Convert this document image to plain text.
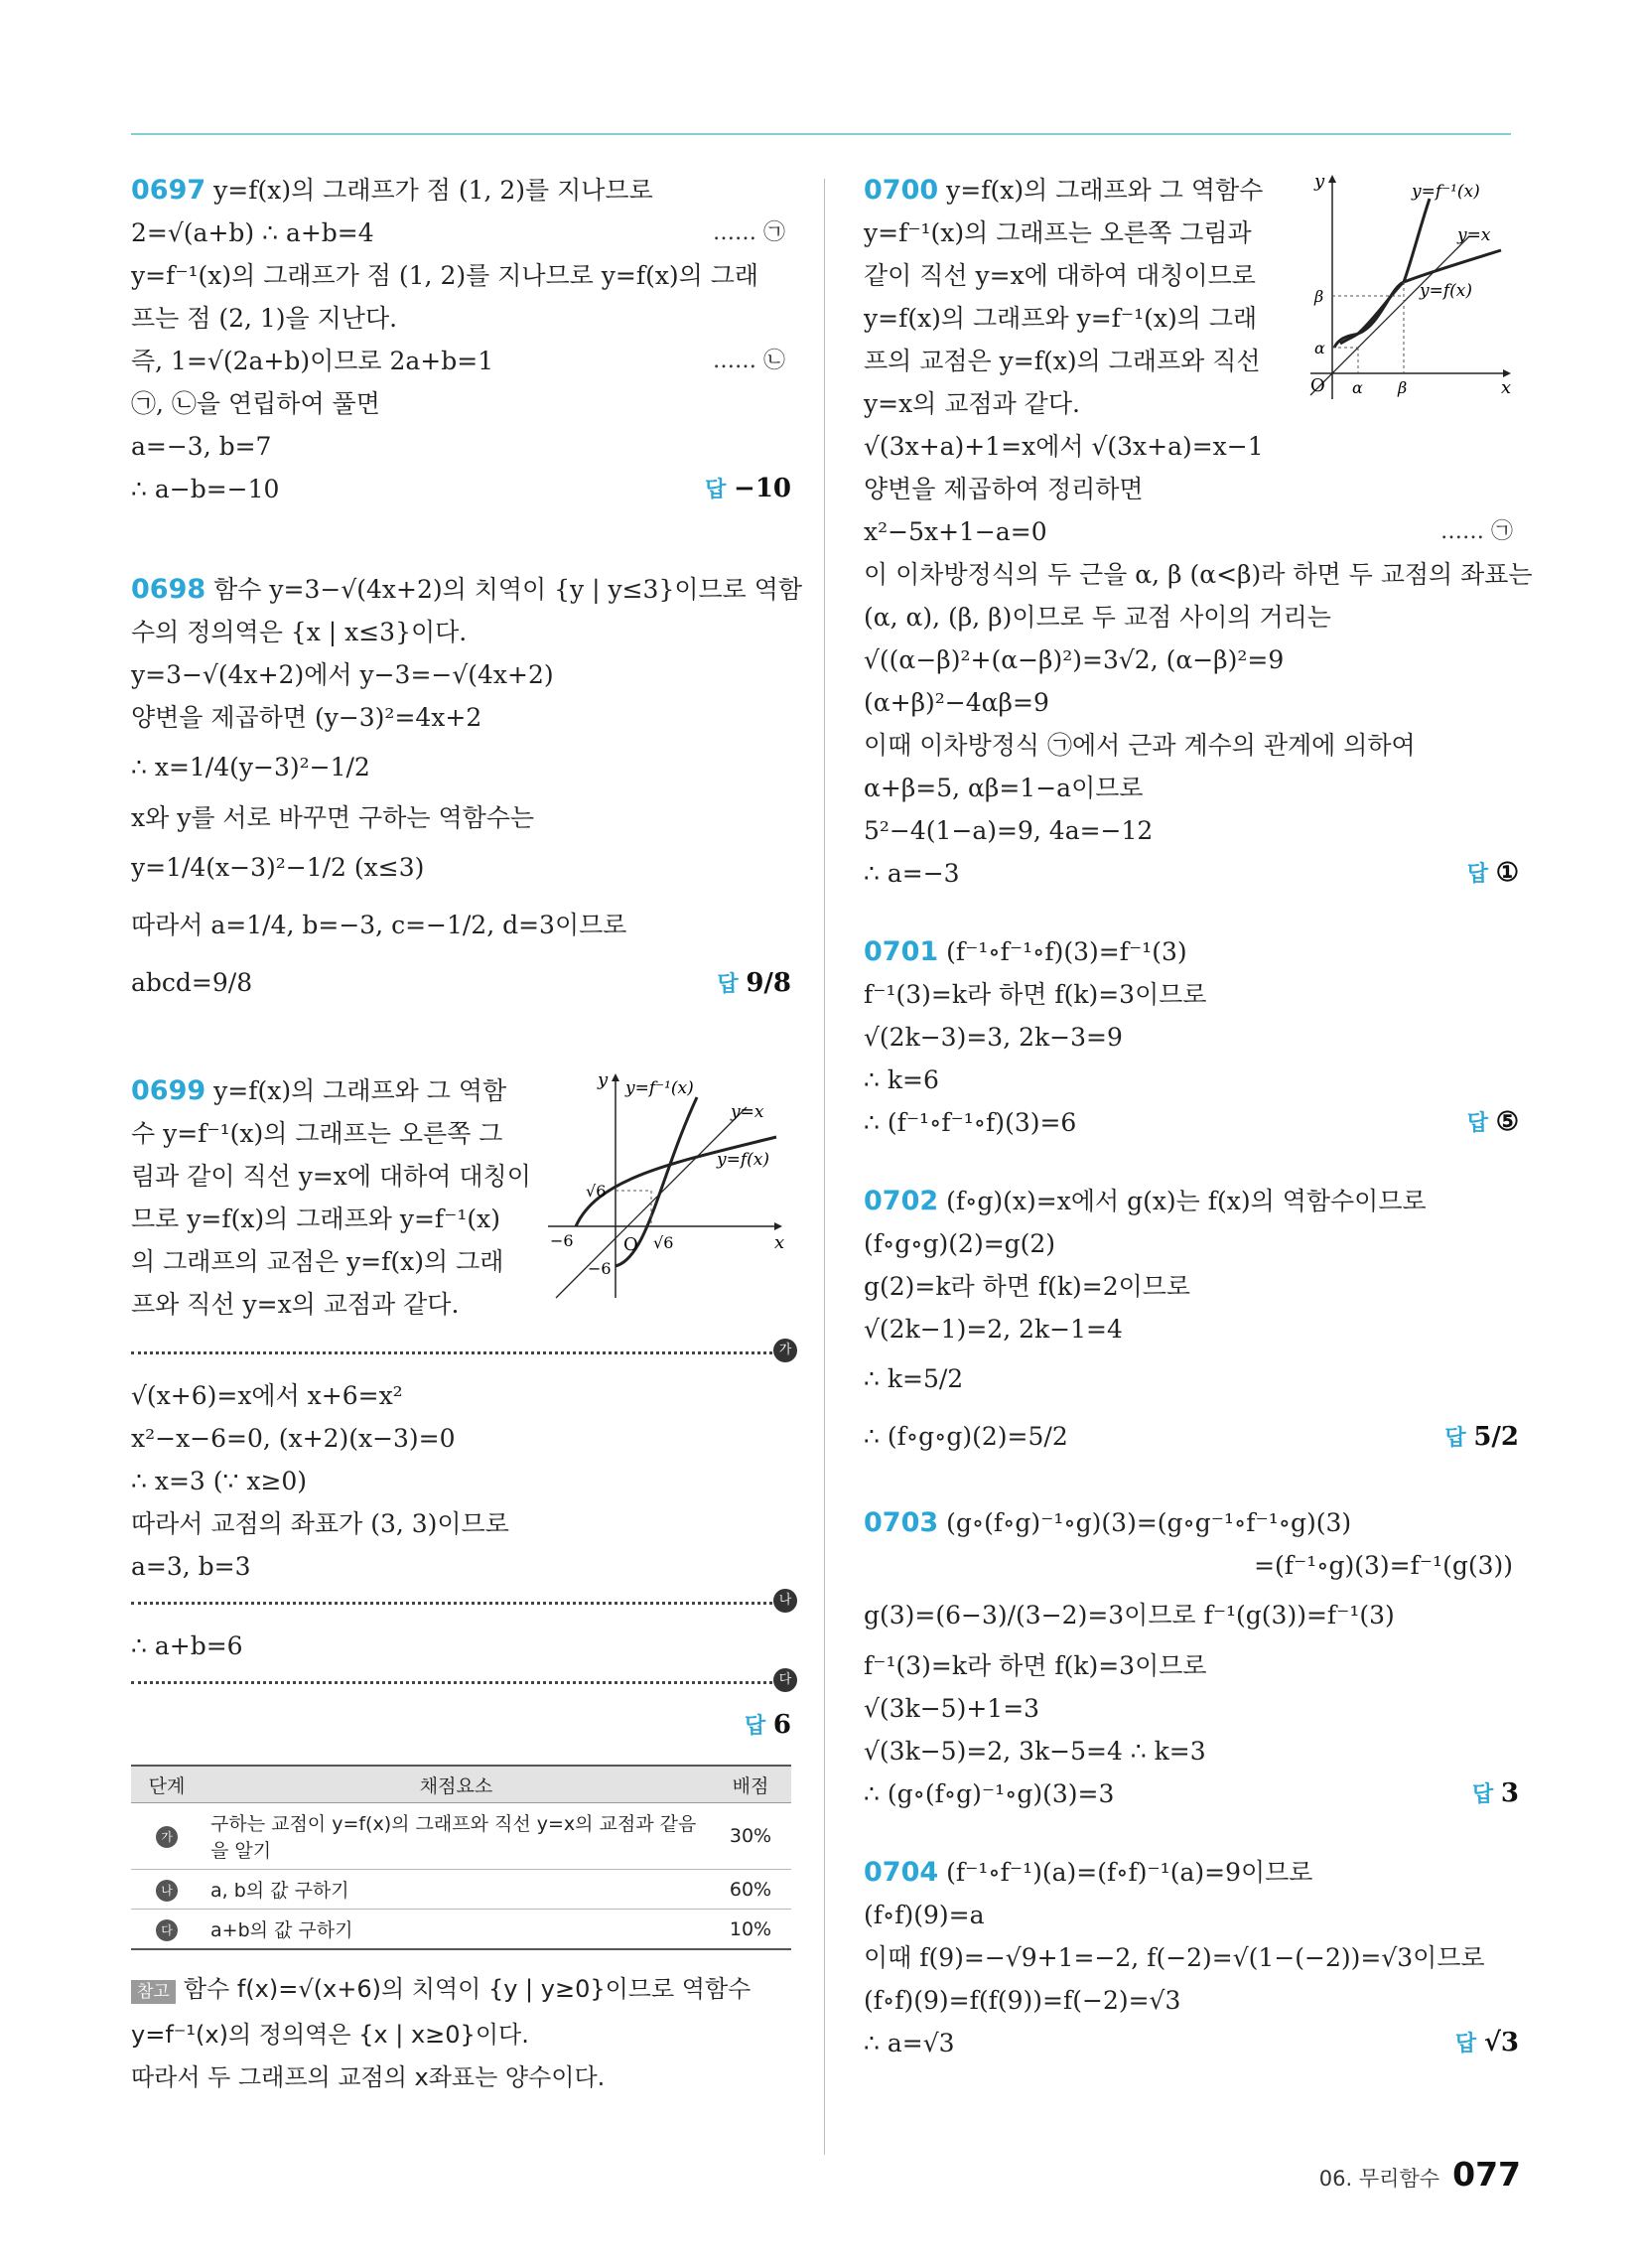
0697 y=f(x)의 그래프가 점 (1, 2)를 지나므로
2=√(a+b) ∴ a+b=4	…… ㉠
y=f⁻¹(x)의 그래프가 점 (1, 2)를 지나므로 y=f(x)의 그래
프는 점 (2, 1)을 지난다.
즉, 1=√(2a+b)이므로 2a+b=1	…… ㉡
㉠, ㉡을 연립하여 풀면
a=−3, b=7
∴ a−b=−10	답 −10
0698 함수 y=3−√(4x+2)의 치역이 {y | y≤3}이므로 역함
수의 정의역은 {x | x≤3}이다.
y=3−√(4x+2)에서 y−3=−√(4x+2)
양변을 제곱하면 (y−3)²=4x+2
∴ x=1/4(y−3)²−1/2
x와 y를 서로 바꾸면 구하는 역함수는
y=1/4(x−3)²−1/2 (x≤3)
따라서 a=1/4, b=−3, c=−1/2, d=3이므로
abcd=9/8	답 9/8
0699 y=f(x)의 그래프와 그 역함
수 y=f⁻¹(x)의 그래프는 오른쪽 그
림과 같이 직선 y=x에 대하여 대칭이
므로 y=f(x)의 그래프와 y=f⁻¹(x)
의 그래프의 교점은 y=f(x)의 그래
프와 직선 y=x의 교점과 같다.
y
x
O
y=f⁻¹(x)
y=x
y=f(x)
√6
√6
−6
−6
가
√(x+6)=x에서 x+6=x²
x²−x−6=0, (x+2)(x−3)=0
∴ x=3 (∵ x≥0)
따라서 교점의 좌표가 (3, 3)이므로
a=3, b=3
나
∴ a+b=6
다
답 6
단계	채점요소	배점
가	구하는 교점이 y=f(x)의 그래프와 직선 y=x의 교점과 같음을 알기	30%
나	a, b의 값 구하기	60%
다	a+b의 값 구하기	10%
참고 함수 f(x)=√(x+6)의 치역이 {y | y≥0}이므로 역함수
y=f⁻¹(x)의 정의역은 {x | x≥0}이다.
따라서 두 그래프의 교점의 x좌표는 양수이다.
0700 y=f(x)의 그래프와 그 역함수
y=f⁻¹(x)의 그래프는 오른쪽 그림과
같이 직선 y=x에 대하여 대칭이므로
y=f(x)의 그래프와 y=f⁻¹(x)의 그래
프의 교점은 y=f(x)의 그래프와 직선
y=x의 교점과 같다.
y
x
O
y=f⁻¹(x)
y=x
y=f(x)
α
β
α β
√(3x+a)+1=x에서 √(3x+a)=x−1
양변을 제곱하여 정리하면
x²−5x+1−a=0	…… ㉠
이 이차방정식의 두 근을 α, β (α<β)라 하면 두 교점의 좌표는
(α, α), (β, β)이므로 두 교점 사이의 거리는
√((α−β)²+(α−β)²)=3√2, (α−β)²=9
(α+β)²−4αβ=9
이때 이차방정식 ㉠에서 근과 계수의 관계에 의하여
α+β=5, αβ=1−a이므로
5²−4(1−a)=9, 4a=−12
∴ a=−3	답 ①
0701 (f⁻¹∘f⁻¹∘f)(3)=f⁻¹(3)
f⁻¹(3)=k라 하면 f(k)=3이므로
√(2k−3)=3, 2k−3=9
∴ k=6
∴ (f⁻¹∘f⁻¹∘f)(3)=6	답 ⑤
0702 (f∘g)(x)=x에서 g(x)는 f(x)의 역함수이므로
(f∘g∘g)(2)=g(2)
g(2)=k라 하면 f(k)=2이므로
√(2k−1)=2, 2k−1=4
∴ k=5/2
∴ (f∘g∘g)(2)=5/2	답 5/2
0703 (g∘(f∘g)⁻¹∘g)(3)=(g∘g⁻¹∘f⁻¹∘g)(3)
=(f⁻¹∘g)(3)=f⁻¹(g(3))
g(3)=(6−3)/(3−2)=3이므로 f⁻¹(g(3))=f⁻¹(3)
f⁻¹(3)=k라 하면 f(k)=3이므로
√(3k−5)+1=3
√(3k−5)=2, 3k−5=4 ∴ k=3
∴ (g∘(f∘g)⁻¹∘g)(3)=3	답 3
0704 (f⁻¹∘f⁻¹)(a)=(f∘f)⁻¹(a)=9이므로
(f∘f)(9)=a
이때 f(9)=−√9+1=−2, f(−2)=√(1−(−2))=√3이므로
(f∘f)(9)=f(f(9))=f(−2)=√3
∴ a=√3	답 √3
06. 무리함수 077
